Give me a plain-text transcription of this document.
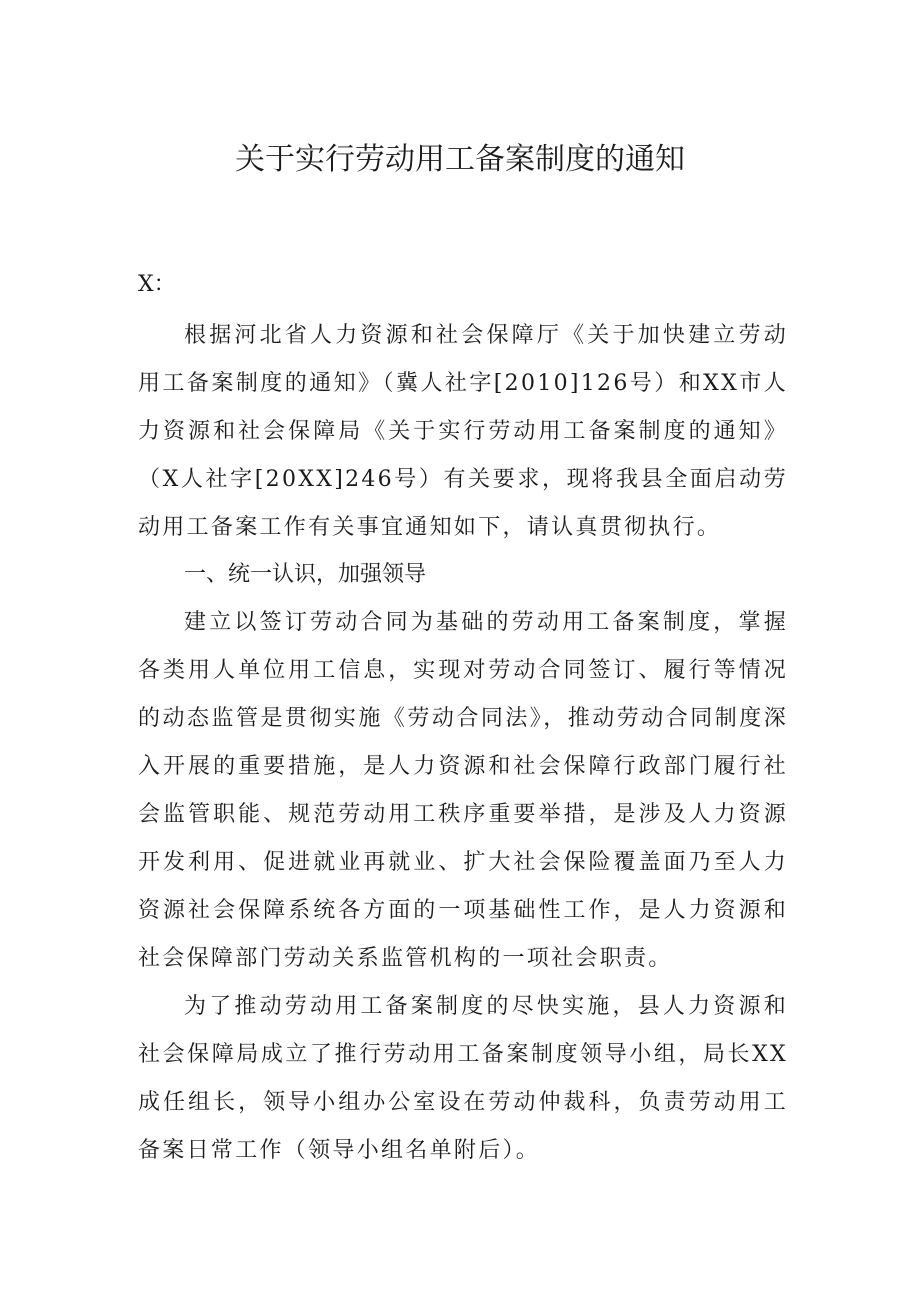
关于实行劳动用工备案制度的通知

X：

根据河北省人力资源和社会保障厅《关于加快建立劳动用工备案制度的通知》（冀人社字[2010]126号）和XX市人力资源和社会保障局《关于实行劳动用工备案制度的通知》（X人社字[20XX]246号）有关要求，现将我县全面启动劳动用工备案工作有关事宜通知如下，请认真贯彻执行。

一、统一认识，加强领导

建立以签订劳动合同为基础的劳动用工备案制度，掌握各类用人单位用工信息，实现对劳动合同签订、履行等情况的动态监管是贯彻实施《劳动合同法》，推动劳动合同制度深入开展的重要措施，是人力资源和社会保障行政部门履行社会监管职能、规范劳动用工秩序重要举措，是涉及人力资源开发利用、促进就业再就业、扩大社会保险覆盖面乃至人力资源社会保障系统各方面的一项基础性工作，是人力资源和社会保障部门劳动关系监管机构的一项社会职责。

为了推动劳动用工备案制度的尽快实施，县人力资源和社会保障局成立了推行劳动用工备案制度领导小组，局长XX成任组长，领导小组办公室设在劳动仲裁科，负责劳动用工备案日常工作（领导小组名单附后）。
